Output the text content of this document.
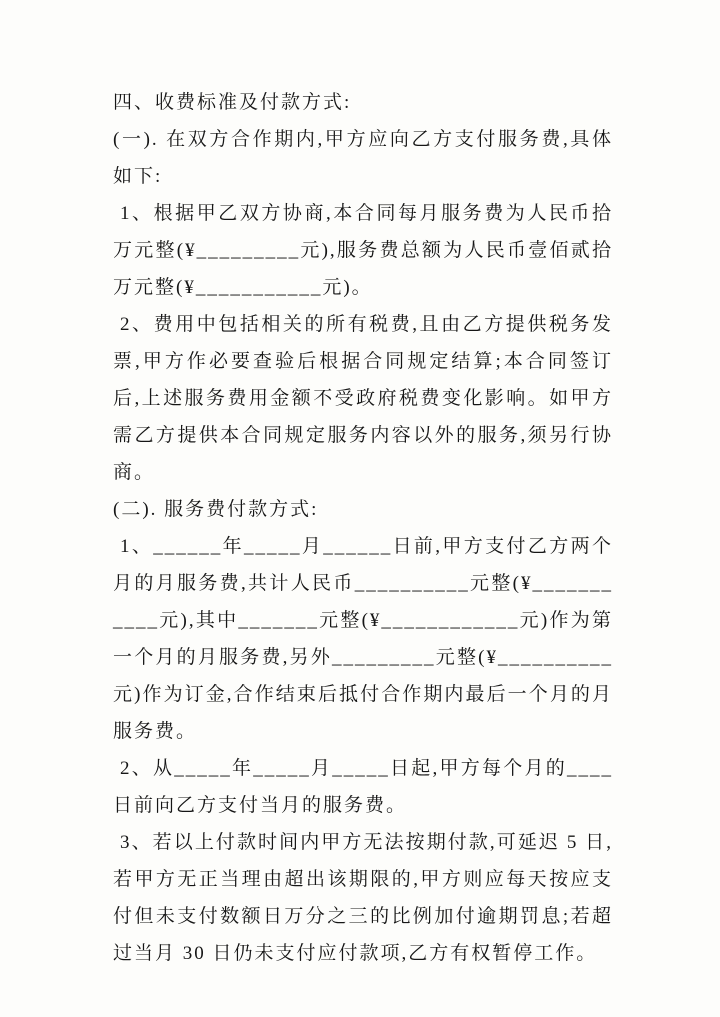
四、收费标准及付款方式:

(一). 在双方合作期内,甲方应向乙方支付服务费,具体如下:

1、根据甲乙双方协商,本合同每月服务费为人民币拾万元整(¥_________元),服务费总额为人民币壹佰贰拾万元整(¥___________元)。

2、费用中包括相关的所有税费,且由乙方提供税务发票,甲方作必要查验后根据合同规定结算;本合同签订后,上述服务费用金额不受政府税费变化影响。如甲方需乙方提供本合同规定服务内容以外的服务,须另行协商。

(二). 服务费付款方式:

1、______年_____月______日前,甲方支付乙方两个月的月服务费,共计人民币__________元整(¥___________元),其中_______元整(¥____________元)作为第一个月的月服务费,另外_________元整(¥__________元)作为订金,合作结束后抵付合作期内最后一个月的月服务费。

2、从_____年_____月_____日起,甲方每个月的____日前向乙方支付当月的服务费。

3、若以上付款时间内甲方无法按期付款,可延迟 5 日,若甲方无正当理由超出该期限的,甲方则应每天按应支付但未支付数额日万分之三的比例加付逾期罚息;若超过当月 30 日仍未支付应付款项,乙方有权暂停工作。
